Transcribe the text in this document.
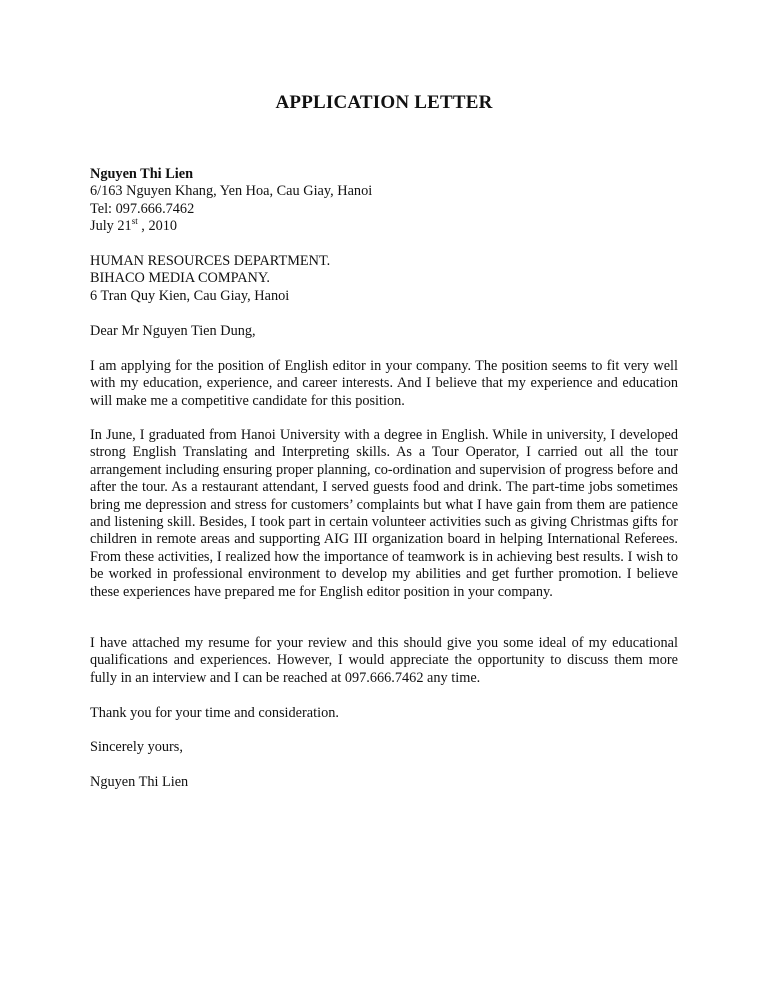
APPLICATION LETTER
Nguyen Thi Lien
6/163 Nguyen Khang, Yen Hoa, Cau Giay, Hanoi
Tel: 097.666.7462
July 21st , 2010
HUMAN RESOURCES DEPARTMENT.
BIHACO MEDIA COMPANY.
6 Tran Quy Kien, Cau Giay, Hanoi
Dear Mr Nguyen Tien Dung,
I am applying for the position of English editor in your company. The position seems to fit very well with my education, experience, and career interests. And I believe that my experience and education will make me a competitive candidate for this position.
In June, I graduated from Hanoi University with a degree in English. While in university, I developed strong English Translating and Interpreting skills. As a Tour Operator, I carried out all the tour arrangement including ensuring proper planning, co-ordination and supervision of progress before and after the tour. As a restaurant attendant, I served guests food and drink. The part-time jobs sometimes bring me depression and stress for customers’ complaints but what I have gain from them are patience and listening skill. Besides, I took part in certain volunteer activities such as giving Christmas gifts for children in remote areas and supporting AIG III organization board in helping International Referees. From these activities, I realized how the importance of teamwork is in achieving best results. I wish to be worked in professional environment to develop my abilities and get further promotion. I believe these experiences have prepared me for English editor position in your company.
I have attached my resume for your review and this should give you some ideal of my educational qualifications and experiences. However, I would appreciate the opportunity to discuss them more fully in an interview and I can be reached at 097.666.7462 any time.
Thank you for your time and consideration.
Sincerely yours,
Nguyen Thi Lien
